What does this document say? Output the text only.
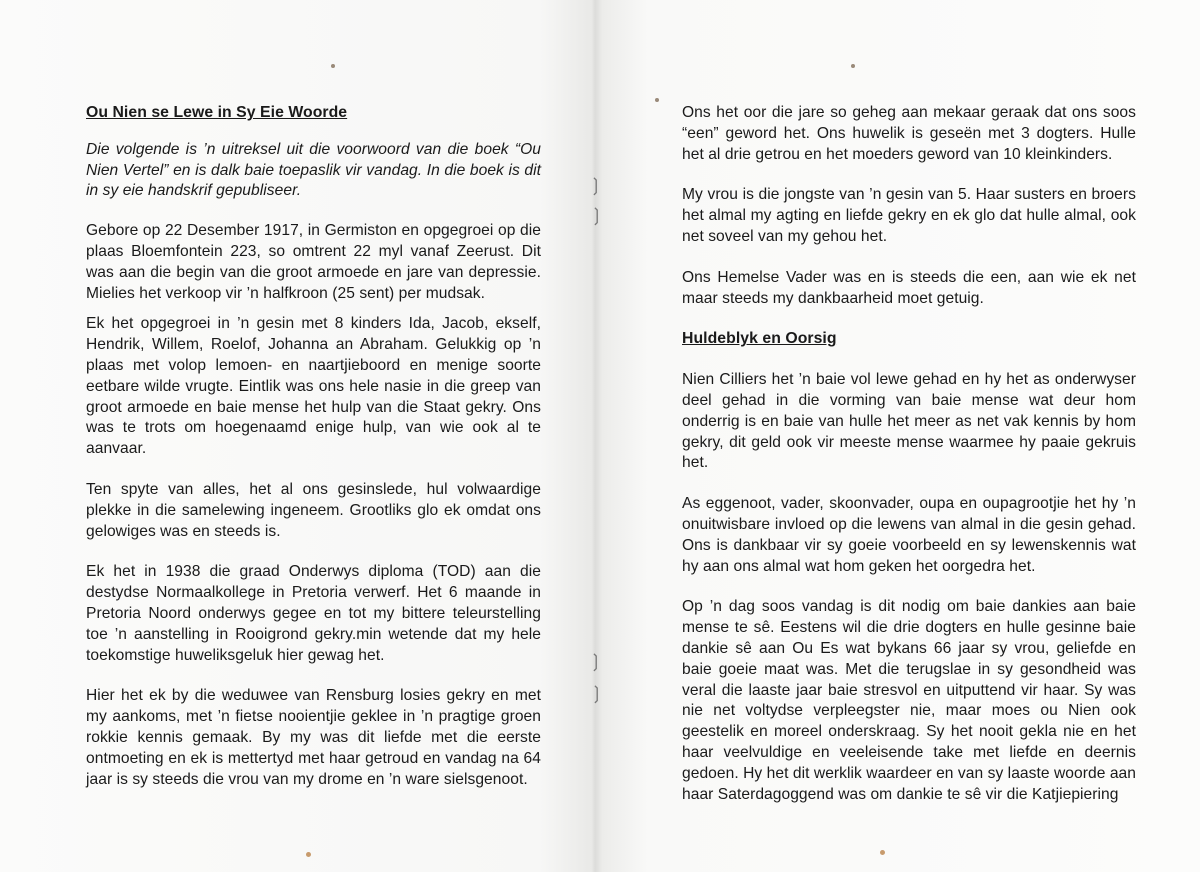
❳
❳
❳
❳
Ou Nien se Lewe in Sy Eie Woorde

Die volgende is ’n uitreksel uit die voorwoord van die boek “Ou Nien Vertel” en is dalk baie toepaslik vir vandag. In die boek is dit in sy eie handskrif gepubliseer.

Gebore op 22 Desember 1917, in Germiston en opgegroei op die plaas Bloemfontein 223, so omtrent 22 myl vanaf Zeerust. Dit was aan die begin van die groot armoede en jare van depressie. Mielies het verkoop vir ’n halfkroon (25 sent) per mudsak.

Ek het opgegroei in ’n gesin met 8 kinders Ida, Jacob, ekself, Hendrik, Willem, Roelof, Johanna an Abraham. Gelukkig op ’n plaas met volop lemoen- en naartjieboord en menige soorte eetbare wilde vrugte. Eintlik was ons hele nasie in die greep van groot armoede en baie mense het hulp van die Staat gekry. Ons was te trots om hoegenaamd enige hulp, van wie ook al te aanvaar.

Ten spyte van alles, het al ons gesinslede, hul volwaardige plekke in die samelewing ingeneem. Grootliks glo ek omdat ons gelowiges was en steeds is.

Ek het in 1938 die graad Onderwys diploma (TOD) aan die destydse Normaalkollege in Pretoria verwerf. Het 6 maande in Pretoria Noord onderwys gegee en tot my bittere teleurstelling toe ’n aanstelling in Rooigrond gekry.min wetende dat my hele toekomstige huweliksgeluk hier gewag het.

Hier het ek by die weduwee van Rensburg losies gekry en met my aankoms, met ’n fietse nooientjie geklee in ’n pragtige groen rokkie kennis gemaak. By my was dit liefde met die eerste ontmoeting en ek is mettertyd met haar getroud en vandag na 64 jaar is sy steeds die vrou van my drome en ’n ware sielsgenoot.

Ons het oor die jare so geheg aan mekaar geraak dat ons soos “een” geword het. Ons huwelik is geseën met 3 dogters. Hulle het al drie getrou en het moeders geword van 10 kleinkinders.

My vrou is die jongste van ’n gesin van 5. Haar susters en broers het almal my agting en liefde gekry en ek glo dat hulle almal, ook net soveel van my gehou het.

Ons Hemelse Vader was en is steeds die een, aan wie ek net maar steeds my dankbaarheid moet getuig.

Huldeblyk en Oorsig

Nien Cilliers het ’n baie vol lewe gehad en hy het as onderwyser deel gehad in die vorming van baie mense wat deur hom onderrig is en baie van hulle het meer as net vak kennis by hom gekry, dit geld ook vir meeste mense waarmee hy paaie gekruis het.

As eggenoot, vader, skoonvader, oupa en oupagrootjie het hy ’n onuitwisbare invloed op die lewens van almal in die gesin gehad. Ons is dankbaar vir sy goeie voorbeeld en sy lewenskennis wat hy aan ons almal wat hom geken het oorgedra het.

Op ’n dag soos vandag is dit nodig om baie dankies aan baie mense te sê. Eestens wil die drie dogters en hulle gesinne baie dankie sê aan Ou Es wat bykans 66 jaar sy vrou, geliefde en baie goeie maat was. Met die terugslae in sy gesondheid was veral die laaste jaar baie stresvol en uitputtend vir haar. Sy was nie net voltydse verpleegster nie, maar moes ou Nien ook geestelik en moreel onderskraag. Sy het nooit gekla nie en het haar veelvuldige en veeleisende take met liefde en deernis gedoen. Hy het dit werklik waardeer en van sy laaste woorde aan haar Saterdagoggend was om dankie te sê vir die Katjiepiering
